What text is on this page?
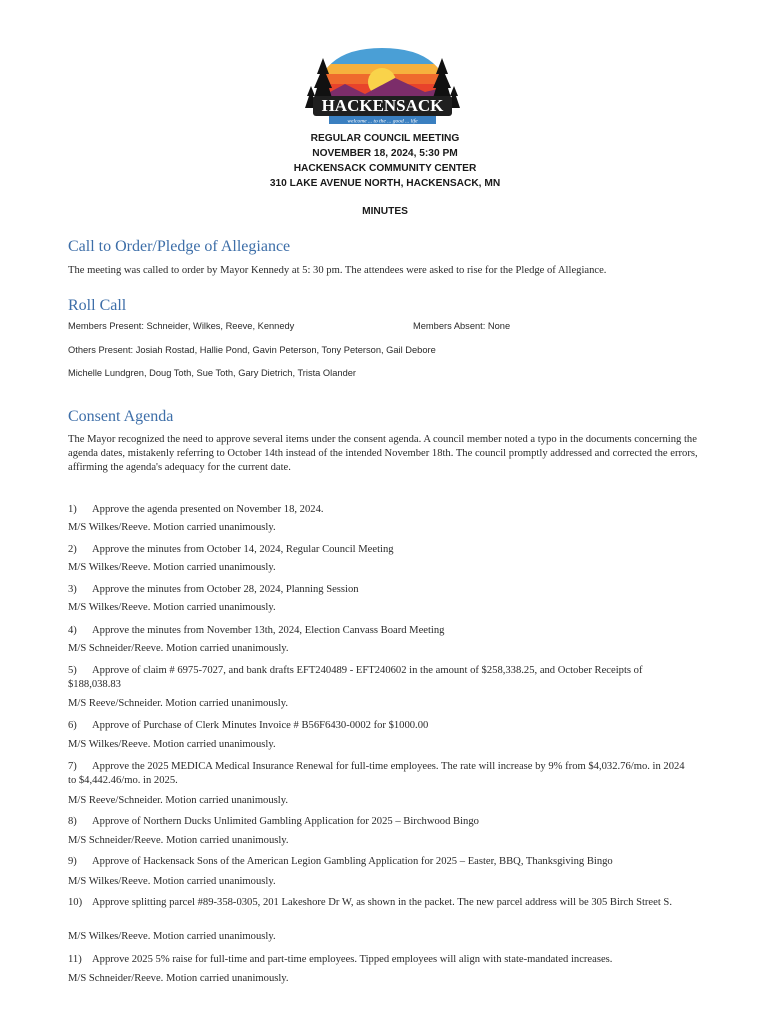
HACKENSACK
welcome ... to the ... good ... life
REGULAR COUNCIL MEETING
NOVEMBER 18, 2024, 5:30 PM
HACKENSACK COMMUNITY CENTER
310 LAKE AVENUE NORTH, HACKENSACK, MN
MINUTES
Call to Order/Pledge of Allegiance

The meeting was called to order by Mayor Kennedy at 5: 30 pm. The attendees were asked to rise for the Pledge of Allegiance.

Roll Call
Members Present: Schneider, Wilkes, Reeve, Kennedy	Members Absent: None
Others Present: Josiah Rostad, Hallie Pond, Gavin Peterson, Tony Peterson, Gail Debore
Michelle Lundgren, Doug Toth, Sue Toth, Gary Dietrich, Trista Olander
Consent Agenda

The Mayor recognized the need to approve several items under the consent agenda. A council member noted a typo in the documents concerning the agenda dates, mistakenly referring to October 14th instead of the intended November 18th. The council promptly addressed and corrected the errors, affirming the agenda's adequacy for the current date.

1) Approve the agenda presented on November 18, 2024.
M/S Wilkes/Reeve. Motion carried unanimously.
2) Approve the minutes from October 14, 2024, Regular Council Meeting
M/S Wilkes/Reeve. Motion carried unanimously.
3) Approve the minutes from October 28, 2024, Planning Session
M/S Wilkes/Reeve. Motion carried unanimously.
4) Approve the minutes from November 13th, 2024, Election Canvass Board Meeting
M/S Schneider/Reeve. Motion carried unanimously.
5) Approve of claim # 6975-7027, and bank drafts EFT240489 - EFT240602 in the amount of $258,338.25, and October Receipts of $188,038.83
M/S Reeve/Schneider. Motion carried unanimously.
6) Approve of Purchase of Clerk Minutes Invoice # B56F6430-0002 for $1000.00
M/S Wilkes/Reeve. Motion carried unanimously.
7) Approve the 2025 MEDICA Medical Insurance Renewal for full-time employees. The rate will increase by 9% from $4,032.76/mo. in 2024 to $4,442.46/mo. in 2025.
M/S Reeve/Schneider. Motion carried unanimously.
8) Approve of Northern Ducks Unlimited Gambling Application for 2025 – Birchwood Bingo
M/S Schneider/Reeve. Motion carried unanimously.
9) Approve of Hackensack Sons of the American Legion Gambling Application for 2025 – Easter, BBQ, Thanksgiving Bingo
M/S Wilkes/Reeve. Motion carried unanimously.
10) Approve splitting parcel #89-358-0305, 201 Lakeshore Dr W, as shown in the packet. The new parcel address will be 305 Birch Street S.
M/S Wilkes/Reeve. Motion carried unanimously.
11) Approve 2025 5% raise for full-time and part-time employees. Tipped employees will align with state-mandated increases.
M/S Schneider/Reeve. Motion carried unanimously.
